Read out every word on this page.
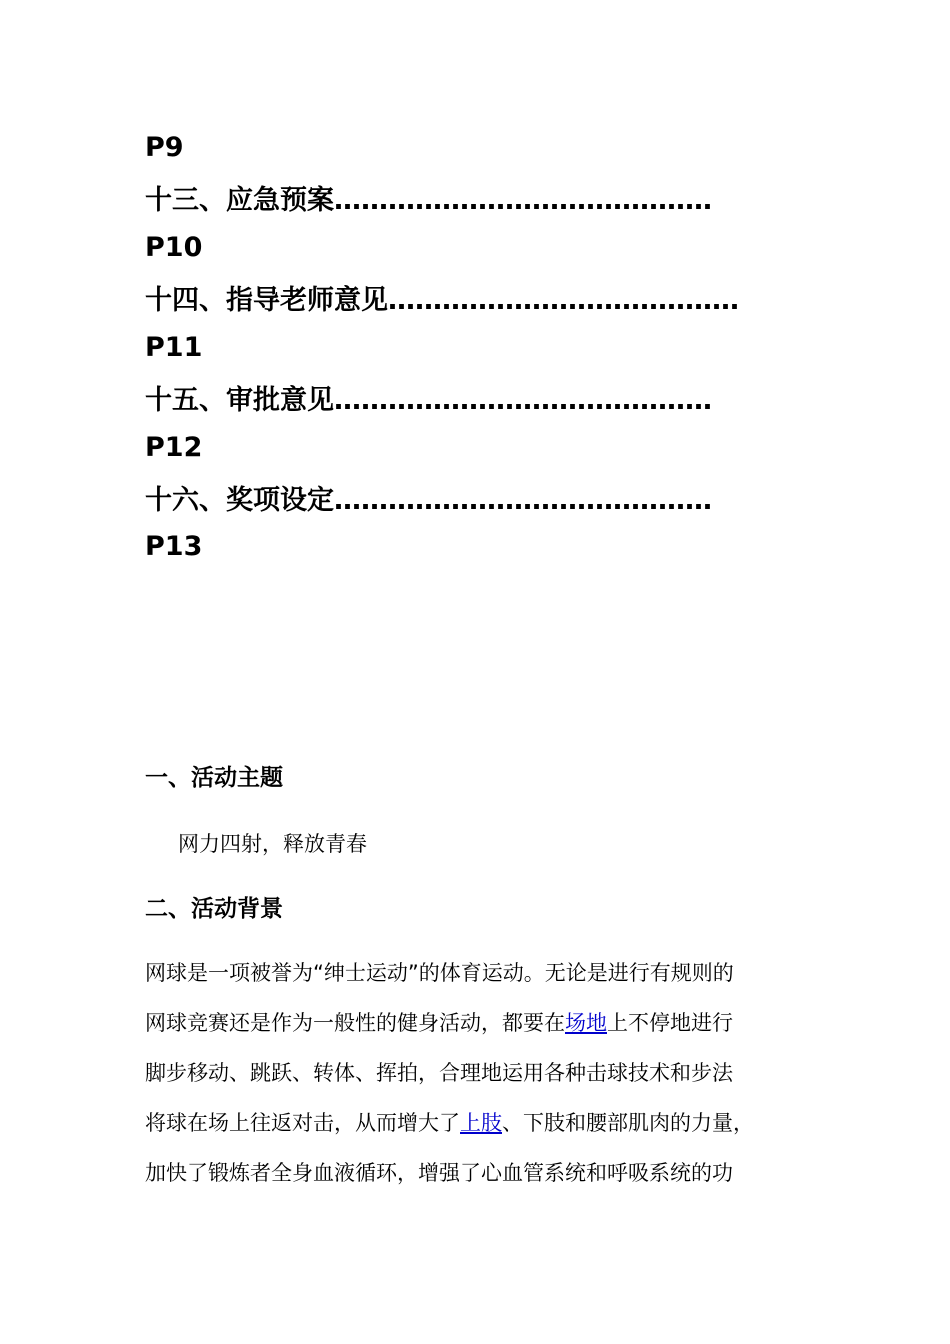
P9
十三、应急预案……………………………………
P10
十四、指导老师意见…………………………………
P11
十五、审批意见……………………………………
P12
十六、奖项设定……………………………………
P13
一、活动主题
网力四射，释放青春
二、活动背景
网球是一项被誉为“绅士运动”的体育运动。无论是进行有规则的
网球竞赛还是作为一般性的健身活动，都要在场地上不停地进行
脚步移动、跳跃、转体、挥拍，合理地运用各种击球技术和步法
将球在场上往返对击，从而增大了上肢、下肢和腰部肌肉的力量，
加快了锻炼者全身血液循环，增强了心血管系统和呼吸系统的功
